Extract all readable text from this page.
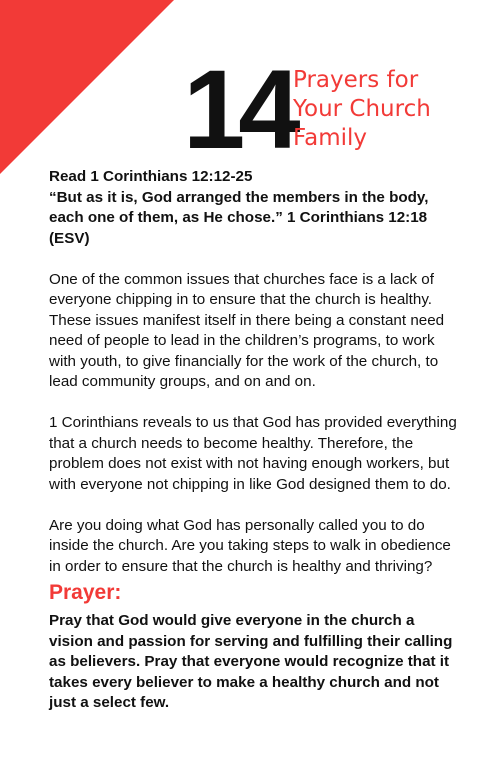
14 Prayers for
Your Church
Family

Read 1 Corinthians 12:12-25

“But as it is, God arranged the members in the body, each one of them, as He chose.” 1 Corinthians 12:18 (ESV)

One of the common issues that churches face is a lack of everyone chipping in to ensure that the church is healthy. These issues manifest itself in there being a constant need need of people to lead in the children’s programs, to work with youth, to give financially for the work of the church, to lead community groups, and on and on.

1 Corinthians reveals to us that God has provided everything that a church needs to become healthy. Therefore, the problem does not exist with not having enough workers, but with everyone not chipping in like God designed them to do.

Are you doing what God has personally called you to do inside the church. Are you taking steps to walk in obedience in order to ensure that the church is healthy and thriving?

Prayer:

Pray that God would give everyone in the church a vision and passion for serving and fulfilling their calling as believers. Pray that everyone would recognize that it takes every believer to make a healthy church and not just a select few.
